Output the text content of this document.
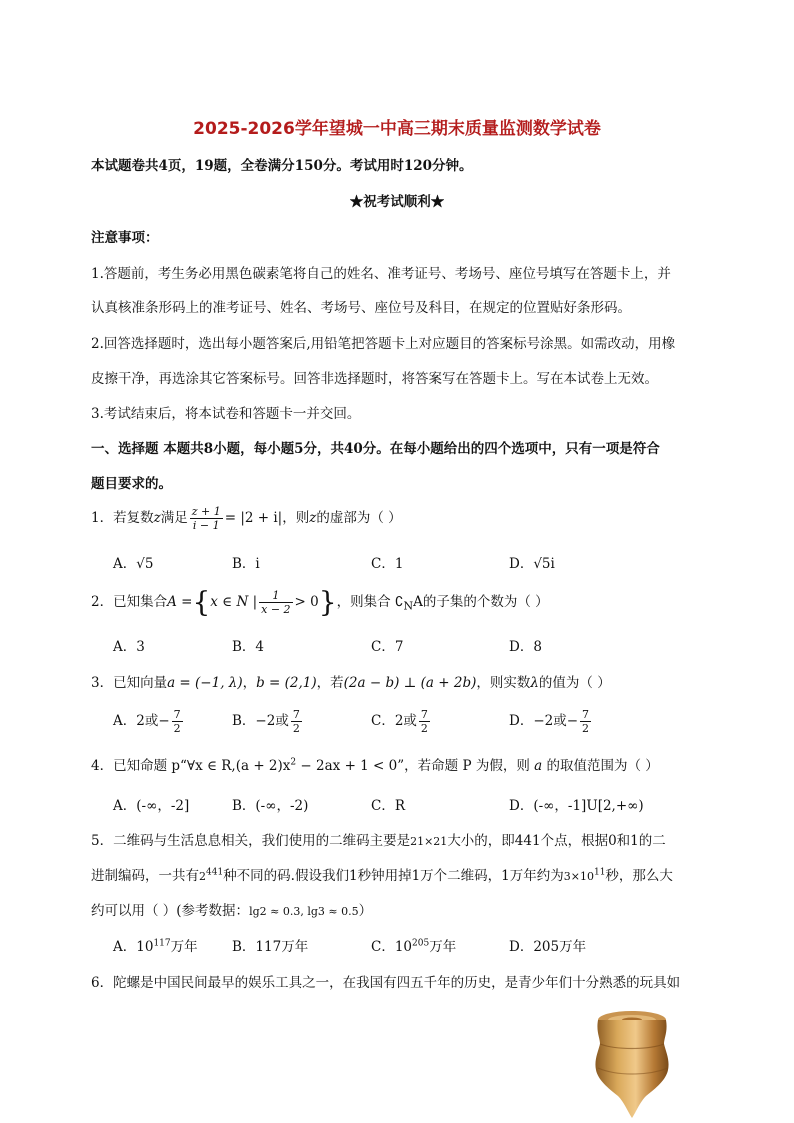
2025-2026学年望城一中高三期末质量监测数学试卷
本试题卷共4页，19题，全卷满分150分。考试用时120分钟。
★祝考试顺利★
注意事项：
1.答题前，考生务必用黑色碳素笔将自己的姓名、准考证号、考场号、座位号填写在答题卡上，并
认真核准条形码上的准考证号、姓名、考场号、座位号及科目，在规定的位置贴好条形码。
2.回答选择题时，选出每小题答案后,用铅笔把答题卡上对应题目的答案标号涂黑。如需改动，用橡
皮擦干净，再选涂其它答案标号。回答非选择题时，将答案写在答题卡上。写在本试卷上无效。
3.考试结束后，将本试卷和答题卡一并交回。
一、选择题 本题共8小题，每小题5分，共40分。在每小题给出的四个选项中，只有一项是符合
题目要求的。
1．若复数z满足 $\frac{z + 1}{i - 1} = |2 + i|$，则z的虚部为（ ）
A．√5	B．i	C．1	D．√5i
2．已知集合A ={x ∈ N | $\frac{1}{x - 2} > 0$}，则集合 $∁_NA$的子集的个数为（ ）
A．3	B．4	C．7	D．8
3．已知向量a = (−1, λ)，b = (2,1)，若(2a − b) ⊥ (a + 2b)，则实数λ的值为（ ）
A．2或− $\frac{7}{2}$	B．−2或 $\frac{7}{2}$	C．2或 $\frac{7}{2}$	D．−2或− $\frac{7}{2}$
4．已知命题 p“∀x ∈ $R,(a + 2)x^2 - 2ax + 1 < 0$”，若命题 P 为假，则 a 的取值范围为（ ）
A．(-∞，-2]	B．(-∞，-2)	C．R	D．(-∞，-1]U[2,+∞)
5．二维码与生活息息相关，我们使用的二维码主要是21×21大小的，即441个点，根据0和1的二
进制编码，一共有$2^{441}$种不同的码.假设我们1秒钟用掉1万个二维码，1万年约为$3\times 10^{11}$秒，那么大
约可以用（ ）(参考数据：lg2 ≈ 0.3, lg3 ≈ 0.5）
A．$10^{117}$万年	B．117万年	C．$10^{205}$万年	D．205万年
6．陀螺是中国民间最早的娱乐工具之一，在我国有四五千年的历史，是青少年们十分熟悉的玩具如
